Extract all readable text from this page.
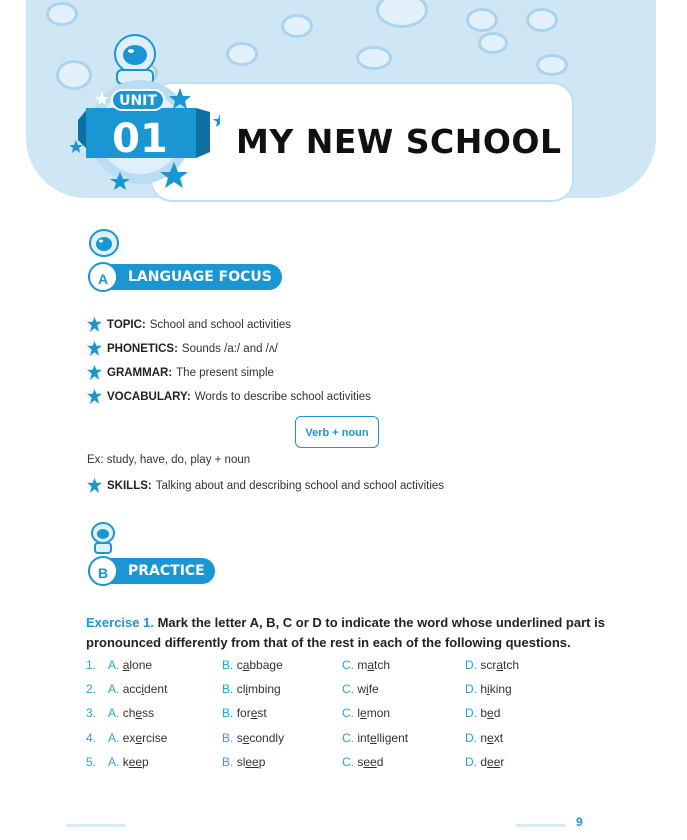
MY NEW SCHOOL
UNIT
01
LANGUAGE FOCUS
A
TOPIC: School and school activities
PHONETICS: Sounds /a:/ and /ʌ/
GRAMMAR: The present simple
VOCABULARY: Words to describe school activities
Verb + noun
Ex: study, have, do, play + noun
SKILLS: Talking about and describing school and school activities
PRACTICE
B
Exercise 1. Mark the letter A, B, C or D to indicate the word whose underlined part is pronounced differently from that of the rest in each of the following questions.
1. A. alone	B. cabbage	C. match	D. scratch
2. A. accident	B. climbing	C. wife	D. hiking
3. A. chess	B. forest	C. lemon	D. bed
4. A. exercise	B. secondly	C. intelligent	D. next
5. A. keep	B. sleep	C. seed	D. deer
9
